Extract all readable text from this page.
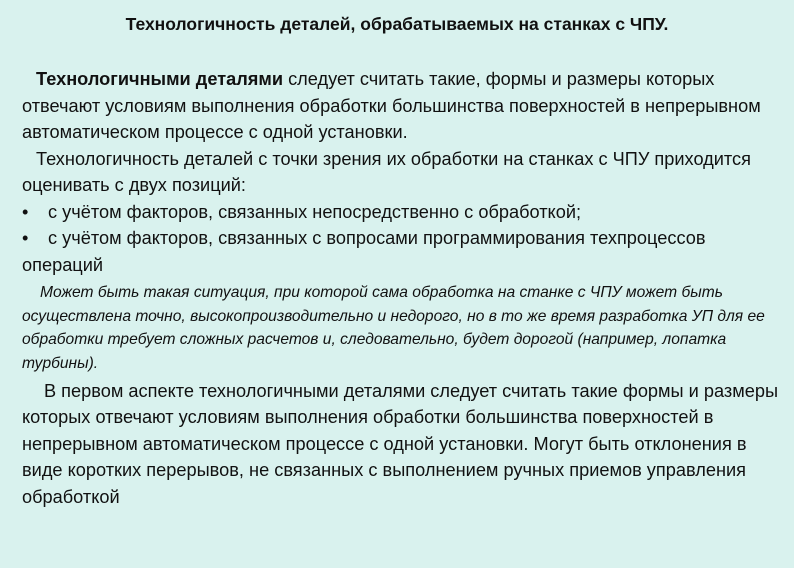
Технологичность деталей, обрабатываемых на станках с ЧПУ.

Технологичными деталями следует считать такие, формы и размеры которых отвечают условиям выполнения обработки большинства поверхностей в непрерывном автоматическом процессе с одной установки.

Технологичность деталей с точки зрения их обработки на станках с ЧПУ приходится оценивать с двух позиций:

•	с учётом факторов, связанных непосредственно с обработкой;
• с учётом факторов, связанных с вопросами программирования техпроцессов операций

Может быть такая ситуация, при которой сама обработка на станке с ЧПУ может быть осуществлена точно, высокопроизводительно и недорого, но в то же время разработка УП для ее обработки требует сложных расчетов и, следовательно, будет дорогой (например, лопатка турбины).

В первом аспекте технологичными деталями следует считать такие формы и размеры которых отвечают условиям выполнения обработки большинства поверхностей в непрерывном автоматическом процессе с одной установки. Могут быть отклонения в виде коротких перерывов, не связанных с выполнением ручных приемов управления обработкой
